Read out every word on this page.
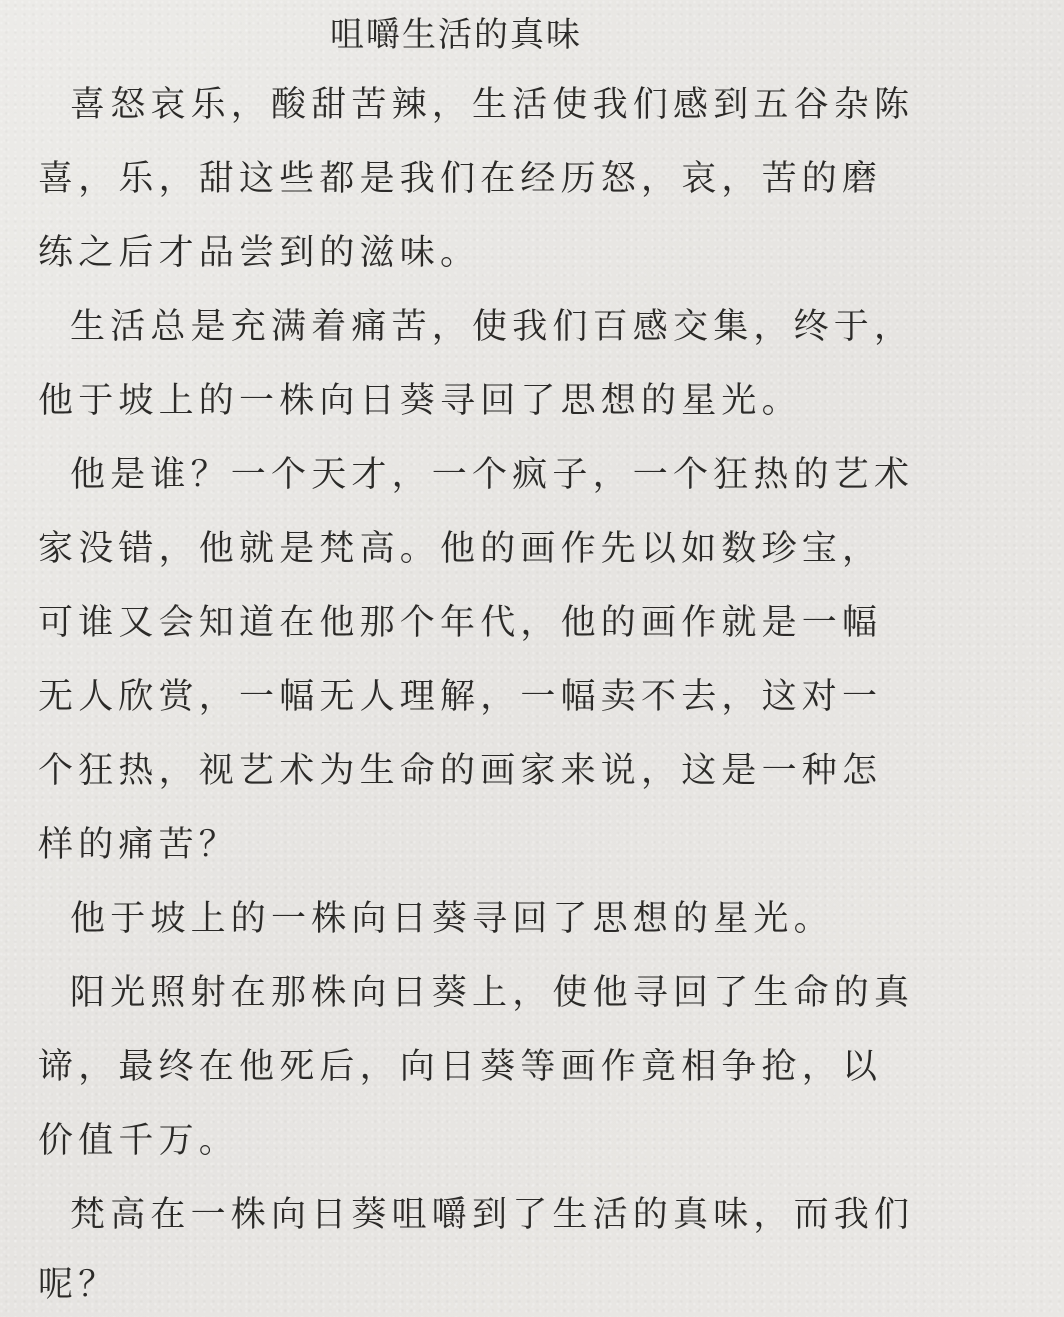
咀嚼生活的真味
喜怒哀乐，酸甜苦辣，生活使我们感到五谷杂陈
喜，乐，甜这些都是我们在经历怒，哀，苦的磨
练之后才品尝到的滋味。
生活总是充满着痛苦，使我们百感交集，终于，
他于坡上的一株向日葵寻回了思想的星光。
他是谁？一个天才，一个疯子，一个狂热的艺术
家没错，他就是梵高。他的画作先以如数珍宝，
可谁又会知道在他那个年代，他的画作就是一幅
无人欣赏，一幅无人理解，一幅卖不去，这对一
个狂热，视艺术为生命的画家来说，这是一种怎
样的痛苦？
他于坡上的一株向日葵寻回了思想的星光。
阳光照射在那株向日葵上，使他寻回了生命的真
谛，最终在他死后，向日葵等画作竟相争抢，以
价值千万。
梵高在一株向日葵咀嚼到了生活的真味，而我们
呢？
